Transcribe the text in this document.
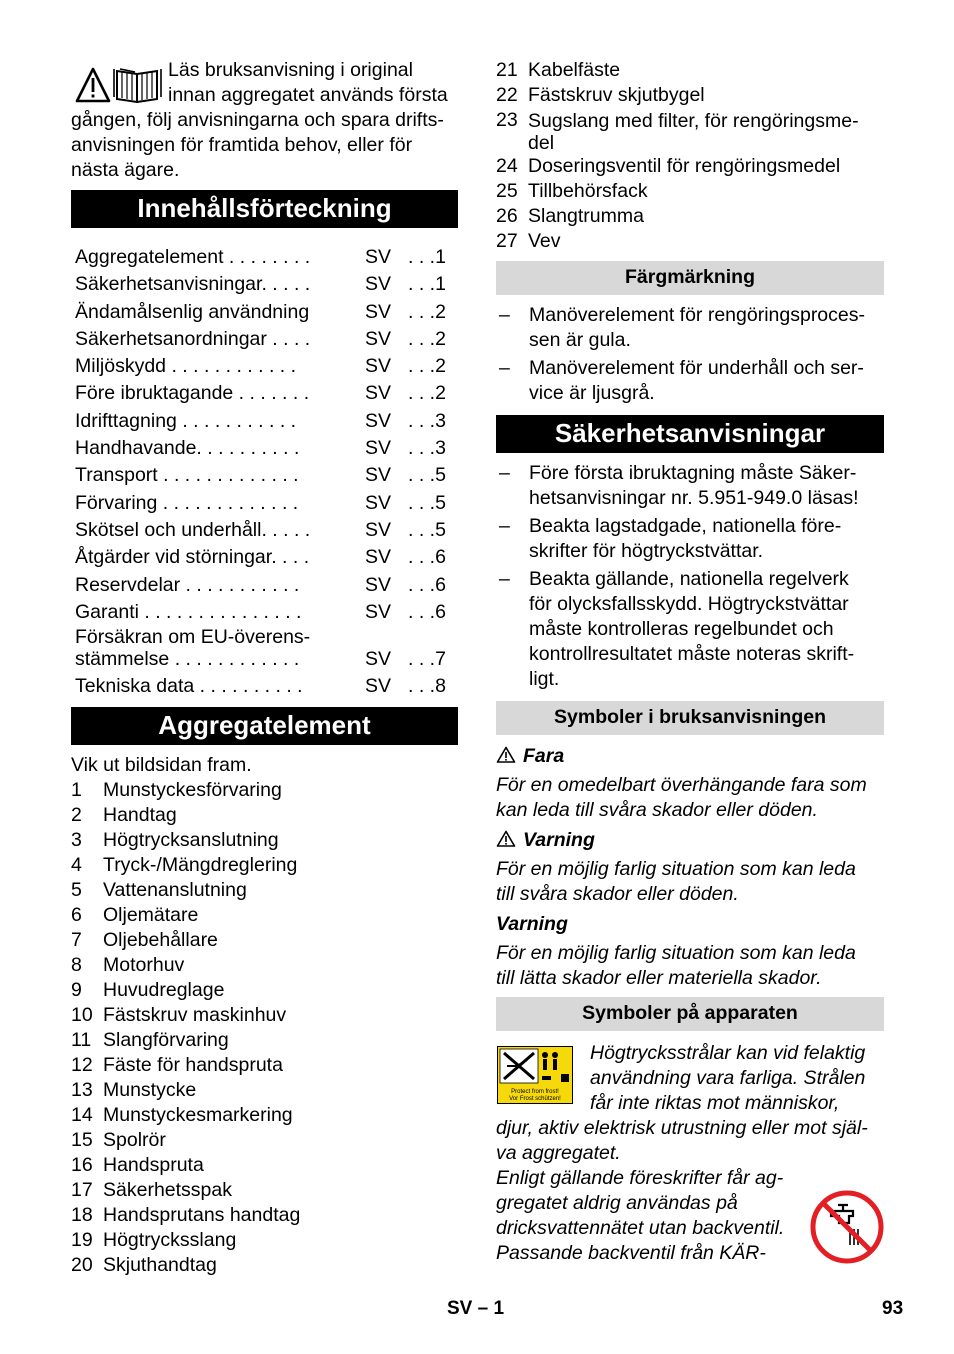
Läs bruksanvisning i original
innan aggregatet används första
gången, följ anvisningarna och spara drifts-
anvisningen för framtida behov, eller för
nästa ägare.
Innehållsförteckning
Aggregatelement . . . . . . . .	SV . . .1
Säkerhetsanvisningar. . . . .	SV . . .1
Ändamålsenlig användning	SV . . .2
Säkerhetsanordningar . . . .	SV . . .2
Miljöskydd . . . . . . . . . . . .	SV . . .2
Före ibruktagande . . . . . . .	SV . . .2
Idrifttagning . . . . . . . . . . .	SV . . .3
Handhavande. . . . . . . . . .	SV . . .3
Transport . . . . . . . . . . . . .	SV . . .5
Förvaring . . . . . . . . . . . . .	SV . . .5
Skötsel och underhåll. . . . .	SV . . .5
Åtgärder vid störningar. . . .	SV . . .6
Reservdelar . . . . . . . . . . .	SV . . .6
Garanti . . . . . . . . . . . . . . .	SV . . .6
Försäkran om EU-överens-
stämmelse . . . . . . . . . . . .	SV . . .7
Tekniska data . . . . . . . . . .	SV . . .8
Aggregatelement
Vik ut bildsidan fram.
1 Munstyckesförvaring
2 Handtag
3 Högtrycksanslutning
4 Tryck-/Mängdreglering
5 Vattenanslutning
6 Oljemätare
7 Oljebehållare
8 Motorhuv
9 Huvudreglage
10 Fästskruv maskinhuv
11 Slangförvaring
12 Fäste för handspruta
13 Munstycke
14 Munstyckesmarkering
15 Spolrör
16 Handspruta
17 Säkerhetsspak
18 Handsprutans handtag
19 Högtrycksslang
20 Skjuthandtag
21 Kabelfäste
22 Fästskruv skjutbygel
23 Sugslang med filter, för rengöringsme-
del
24 Doseringsventil för rengöringsmedel
25 Tillbehörsfack
26 Slangtrumma
27 Vev
Färgmärkning
– Manöverelement för rengöringsproces-
sen är gula.
– Manöverelement för underhåll och ser-
vice är ljusgrå.
Säkerhetsanvisningar
– Före första ibruktagning måste Säker-
hetsanvisningar nr. 5.951-949.0 läsas!
– Beakta lagstadgade, nationella före-
skrifter för högtryckstvättar.
– Beakta gällande, nationella regelverk
för olycksfallsskydd. Högtryckstvättar
måste kontrolleras regelbundet och
kontrollresultatet måste noteras skrift-
ligt.
Symboler i bruksanvisningen
Fara
För en omedelbart överhängande fara som
kan leda till svåra skador eller döden.
Varning
För en möjlig farlig situation som kan leda
till svåra skador eller döden.
Varning
För en möjlig farlig situation som kan leda
till lätta skador eller materiella skador.
Symboler på apparaten
Protect from frost!
Vor Frost schützen!
Högtrycksstrålar kan vid felaktig
användning vara farliga. Strålen
får inte riktas mot människor,
djur, aktiv elektrisk utrustning eller mot själ-
va aggregatet.
Enligt gällande föreskrifter får ag-
gregatet aldrig användas på
dricksvattennätet utan backventil.
Passande backventil från KÄR-
SV – 1	93
